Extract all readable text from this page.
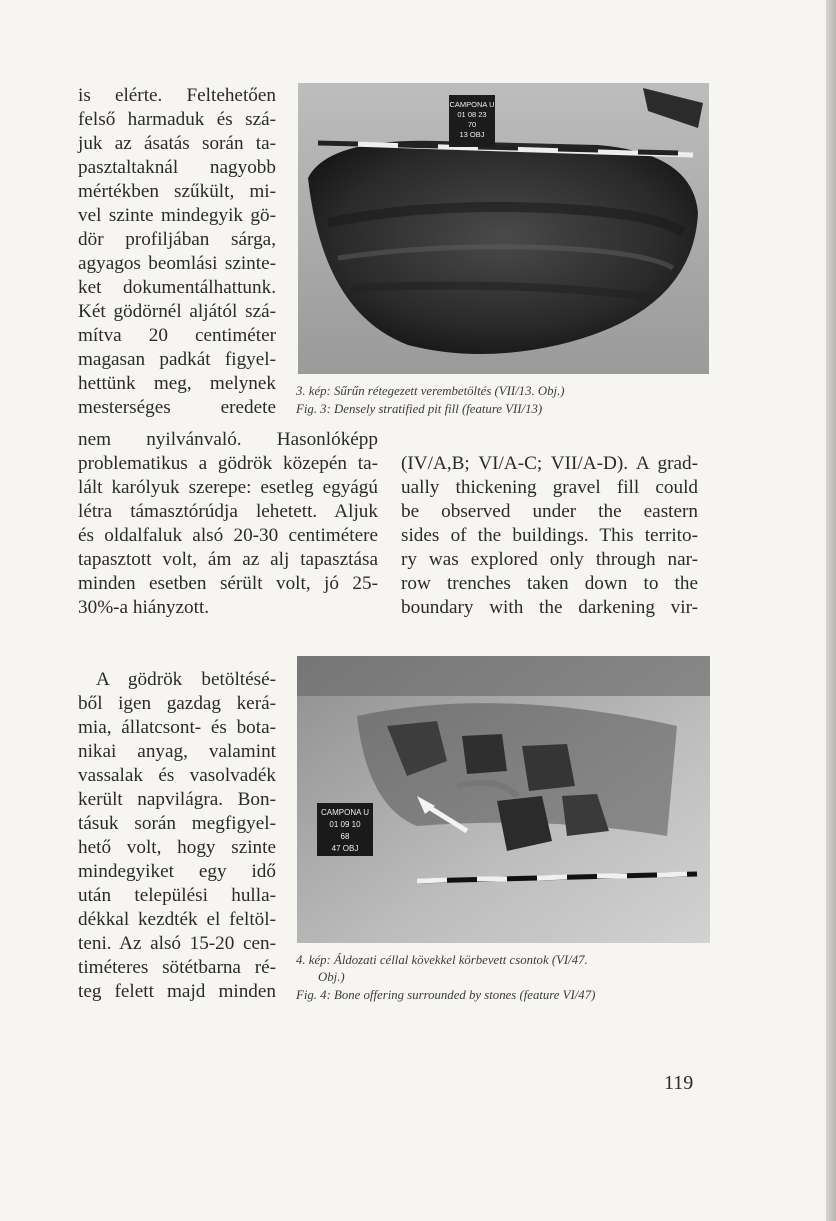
is elérte. Feltehetően
felső harmaduk és szá-
juk az ásatás során ta-
pasztaltaknál nagyobb
mértékben szűkült, mi-
vel szinte mindegyik gö-
dör profiljában sárga,
agyagos beomlási szinte-
ket dokumentálhattunk.
Két gödörnél aljától szá-
mítva 20 centiméter
magasan padkát figyel-
hettünk meg, melynek
mesterséges eredete
nem nyilvánvaló. Hasonlóképp
problematikus a gödrök közepén ta-
lált karólyuk szerepe: esetleg egyágú
létra támasztórúdja lehetett. Aljuk
és oldalfaluk alsó 20-30 centimétere
tapasztott volt, ám az alj tapasztása
minden esetben sérült volt, jó 25-
30%-a hiányzott.
A gödrök betöltésé-
ből igen gazdag kerá-
mia, állatcsont- és bota-
nikai anyag, valamint
vassalak és vasolvadék
került napvilágra. Bon-
tásuk során megfigyel-
hető volt, hogy szinte
mindegyiket egy idő
után települési hulla-
dékkal kezdték el feltöl-
teni. Az alsó 15-20 cen-
timéteres sötétbarna ré-
teg felett majd minden
(IV/A,B; VI/A-C; VII/A-D). A grad-
ually thickening gravel fill could
be observed under the eastern
sides of the buildings. This territo-
ry was explored only through nar-
row trenches taken down to the
boundary with the darkening vir-
CAMPONA U
01 08 23
70
13 OBJ
3. kép: Sűrűn rétegezett verembetöltés (VII/13. Obj.)
Fig. 3: Densely stratified pit fill (feature VII/13)
CAMPONA U
01 09 10
68
47 OBJ
4. kép: Áldozati céllal kövekkel körbevett csontok (VI/47.
Obj.)
Fig. 4: Bone offering surrounded by stones (feature VI/47)
119
